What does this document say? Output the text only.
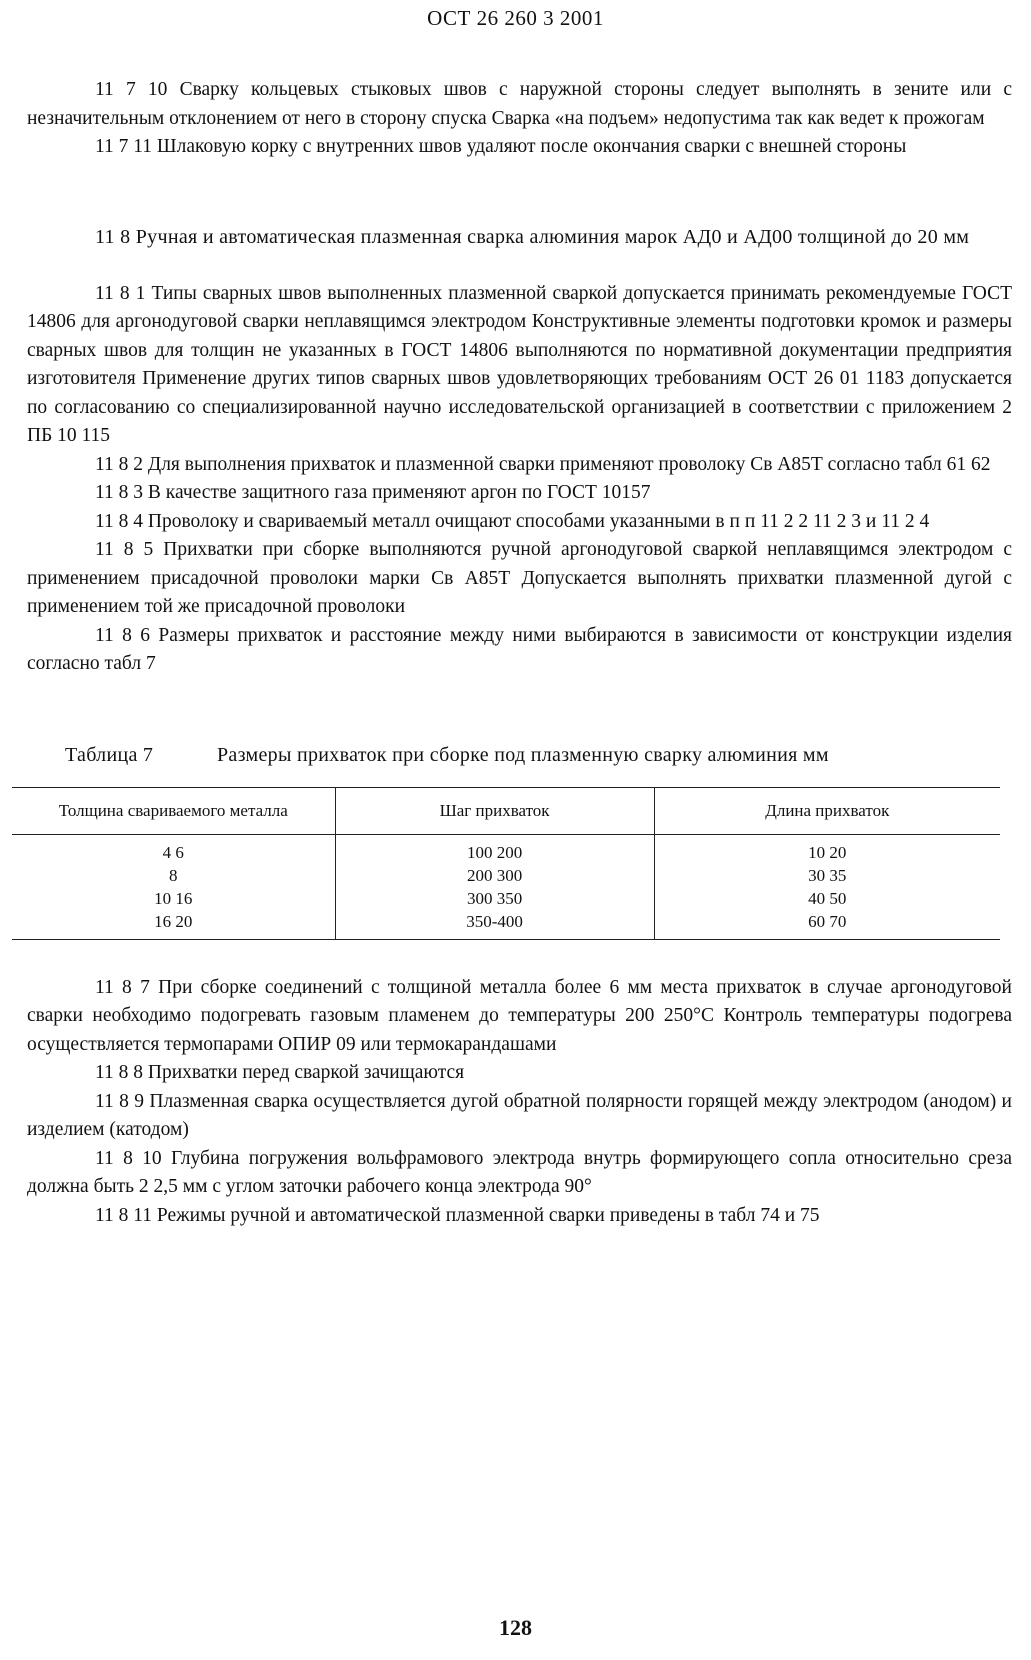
ОСТ 26 260 3 2001

11 7 10 Сварку кольцевых стыковых швов с наружной стороны следует выполнять в зените или с незначительным отклонением от него в сторону спуска Сварка «на подъем» недопустима так как ведет к прожогам

11 7 11 Шлаковую корку с внутренних швов удаляют после окончания сварки с внешней стороны

11 8 Ручная и автоматическая плазменная сварка алюминия марок АД0 и АД00 толщиной до 20 мм

11 8 1 Типы сварных швов выполненных плазменной сваркой допускается принимать рекомендуемые ГОСТ 14806 для аргонодуговой сварки неплавящимся электродом Конструктивные элементы подготовки кромок и размеры сварных швов для толщин не указанных в ГОСТ 14806 выполняются по нормативной документации предприятия изготовителя Применение других типов сварных швов удовлетворяющих требованиям ОСТ 26 01 1183 допускается по согласованию со специализированной научно исследовательской организацией в соответствии с приложением 2 ПБ 10 115

11 8 2 Для выполнения прихваток и плазменной сварки применяют проволоку Св А85Т согласно табл 61 62

11 8 3 В качестве защитного газа применяют аргон по ГОСТ 10157

11 8 4 Проволоку и свариваемый металл очищают способами указанными в п п 11 2 2 11 2 3 и 11 2 4

11 8 5 Прихватки при сборке выполняются ручной аргонодуговой сваркой неплавящимся электродом с применением присадочной проволоки марки Св А85Т Допускается выполнять прихватки плазменной дугой с применением той же присадочной проволоки

11 8 6 Размеры прихваток и расстояние между ними выбираются в зависимости от конструкции изделия согласно табл 7

Таблица 7	Размеры прихваток при сборке под плазменную сварку алюминия мм
Толщина свариваемого металла	Шаг прихваток	Длина прихваток
4 6	100 200	10 20
8	200 300	30 35
10 16	300 350	40 50
16 20	350-400	60 70

11 8 7 При сборке соединений с толщиной металла более 6 мм места прихваток в случае аргонодуговой сварки необходимо подогревать газовым пламенем до температуры 200 250°С Контроль температуры подогрева осуществляется термопарами ОПИР 09 или термокарандашами

11 8 8 Прихватки перед сваркой зачищаются

11 8 9 Плазменная сварка осуществляется дугой обратной полярности горящей между электродом (анодом) и изделием (катодом)

11 8 10 Глубина погружения вольфрамового электрода внутрь формирующего сопла относительно среза должна быть 2 2,5 мм с углом заточки рабочего конца электрода 90°

11 8 11 Режимы ручной и автоматической плазменной сварки приведены в табл 74 и 75

128
